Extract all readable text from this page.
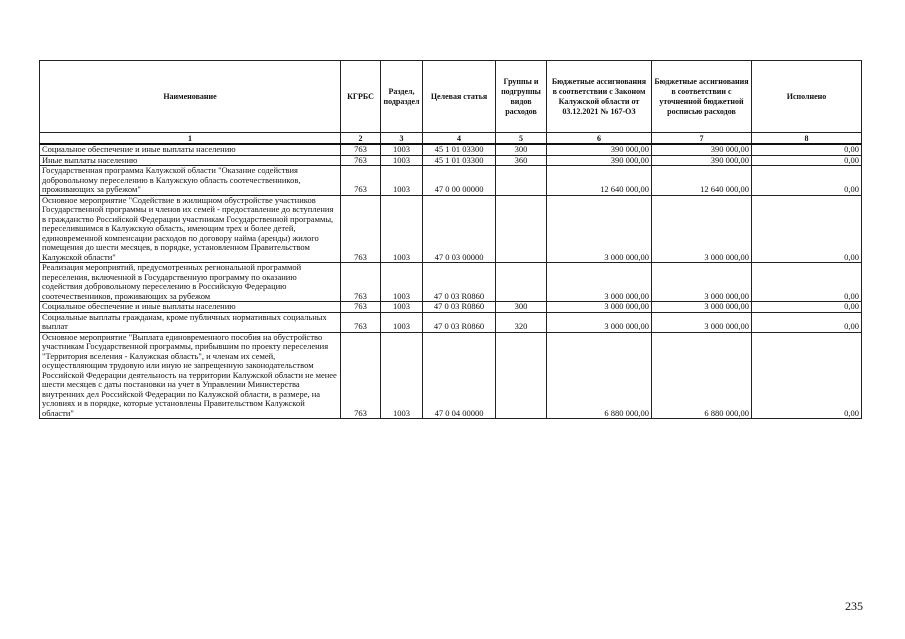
Наименование	КГРБС	Раздел, подраздел	Целевая статья	Группы и подгруппы видов расходов	Бюджетные ассигнования в соответствии с Законом Калужской области от 03.12.2021 № 167-ОЗ	Бюджетные ассигнования в соответствии с уточненной бюджетной росписью расходов	Исполнено
1	2	3	4	5	6	7	8
Социальное обеспечение и иные выплаты населению	763	1003	45 1 01 03300	300	390 000,00	390 000,00	0,00
Иные выплаты населению	763	1003	45 1 01 03300	360	390 000,00	390 000,00	0,00
Государственная программа Калужской области "Оказание содействия добровольному переселению в Калужскую область соотечественников, проживающих за рубежом"	763	1003	47 0 00 00000		12 640 000,00	12 640 000,00	0,00
Основное мероприятие "Содействие в жилищном обустройстве участников Государственной программы и членов их семей - предоставление до вступления в гражданство Российской Федерации участникам Государственной программы, переселившимся в Калужскую область, имеющим трех и более детей, единовременной компенсации расходов по договору найма (аренды) жилого помещения до шести месяцев, в порядке, установленном Правительством Калужской области"	763	1003	47 0 03 00000		3 000 000,00	3 000 000,00	0,00
Реализация мероприятий, предусмотренных региональной программой переселения, включенной в Государственную программу по оказанию содействия добровольному переселению в Российскую Федерацию соотечественников, проживающих за рубежом	763	1003	47 0 03 R0860		3 000 000,00	3 000 000,00	0,00
Социальное обеспечение и иные выплаты населению	763	1003	47 0 03 R0860	300	3 000 000,00	3 000 000,00	0,00
Социальные выплаты гражданам, кроме публичных нормативных социальных выплат	763	1003	47 0 03 R0860	320	3 000 000,00	3 000 000,00	0,00
Основное мероприятие "Выплата единовременного пособия на обустройство участникам Государственной программы, прибывшим по проекту переселения "Территория вселения - Калужская область", и членам их семей, осуществляющим трудовую или иную не запрещенную законодательством Российской Федерации деятельность на территории Калужской области не менее шести месяцев с даты постановки на учет в Управлении Министерства внутренних дел Российской Федерации по Калужской области, в размере, на условиях и в порядке, которые установлены Правительством Калужской области"	763	1003	47 0 04 00000		6 880 000,00	6 880 000,00	0,00
235
